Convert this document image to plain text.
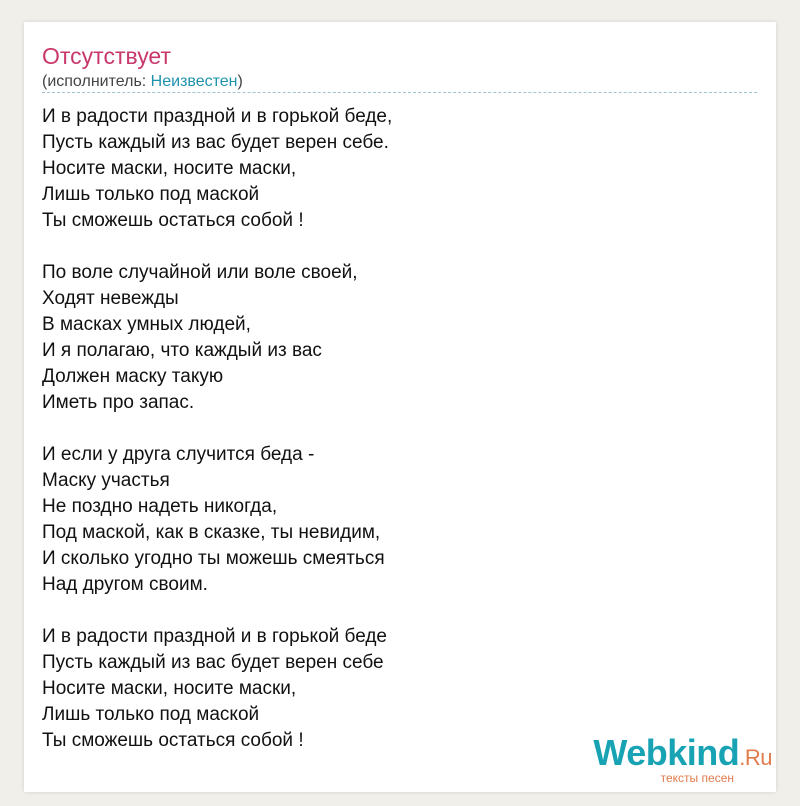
Отсутствует
(исполнитель: Неизвестен)
И в радости праздной и в горькой беде,
Пусть каждый из вас будет верен себе.
Носите маски, носите маски,
Лишь только под маской
Ты сможешь остаться собой !
По воле случайной или воле своей,
Ходят невежды
В масках умных людей,
И я полагаю, что каждый из вас
Должен маску такую
Иметь про запас.
И если у друга случится беда -
Маску участья
Не поздно надеть никогда,
Под маской, как в сказке, ты невидим,
И сколько угодно ты можешь смеяться
Над другом своим.
И в радости праздной и в горькой беде
Пусть каждый из вас будет верен себе
Носите маски, носите маски,
Лишь только под маской
Ты сможешь остаться собой !	Webkind.Ru
тексты песен
